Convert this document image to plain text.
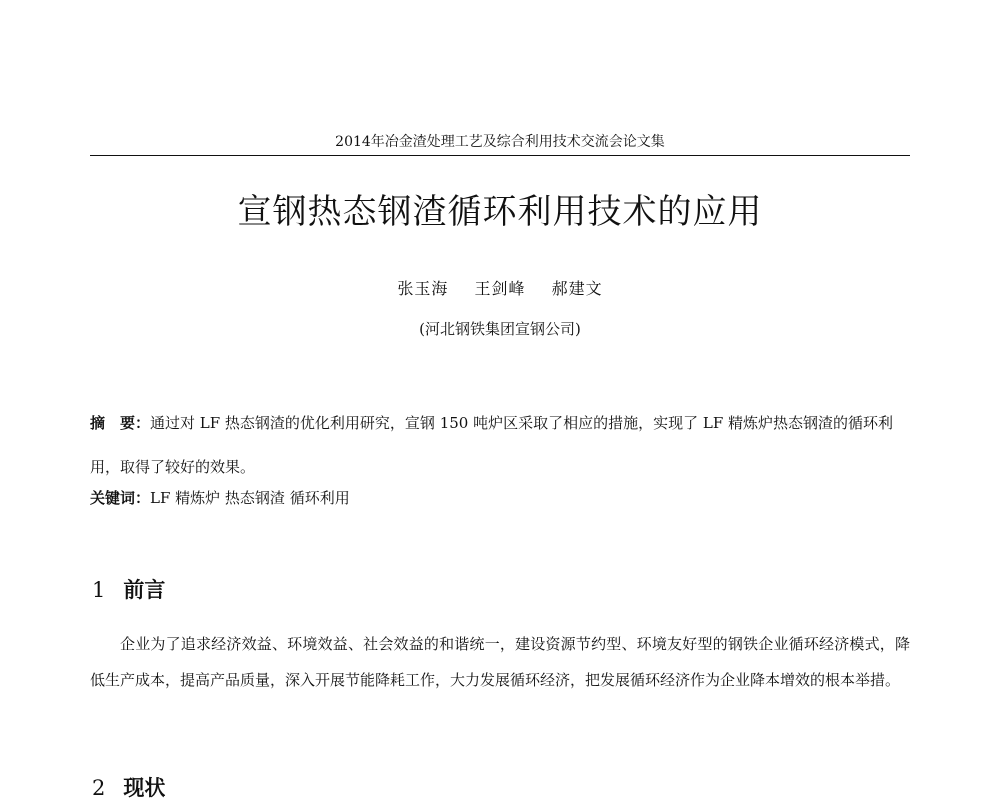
2014年冶金渣处理工艺及综合利用技术交流会论文集
宣钢热态钢渣循环利用技术的应用
张玉海 王剑峰 郝建文
(河北钢铁集团宣钢公司)
摘　要：通过对 LF 热态钢渣的优化利用研究，宣钢 150 吨炉区采取了相应的措施，实现了 LF 精炼炉热态钢渣的循环利用，取得了较好的效果。
关键词：LF 精炼炉 热态钢渣 循环利用
1 前言

企业为了追求经济效益、环境效益、社会效益的和谐统一，建设资源节约型、环境友好型的钢铁企业循环经济模式，降低生产成本，提高产品质量，深入开展节能降耗工作，大力发展循环经济，把发展循环经济作为企业降本增效的根本举措。

2 现状
